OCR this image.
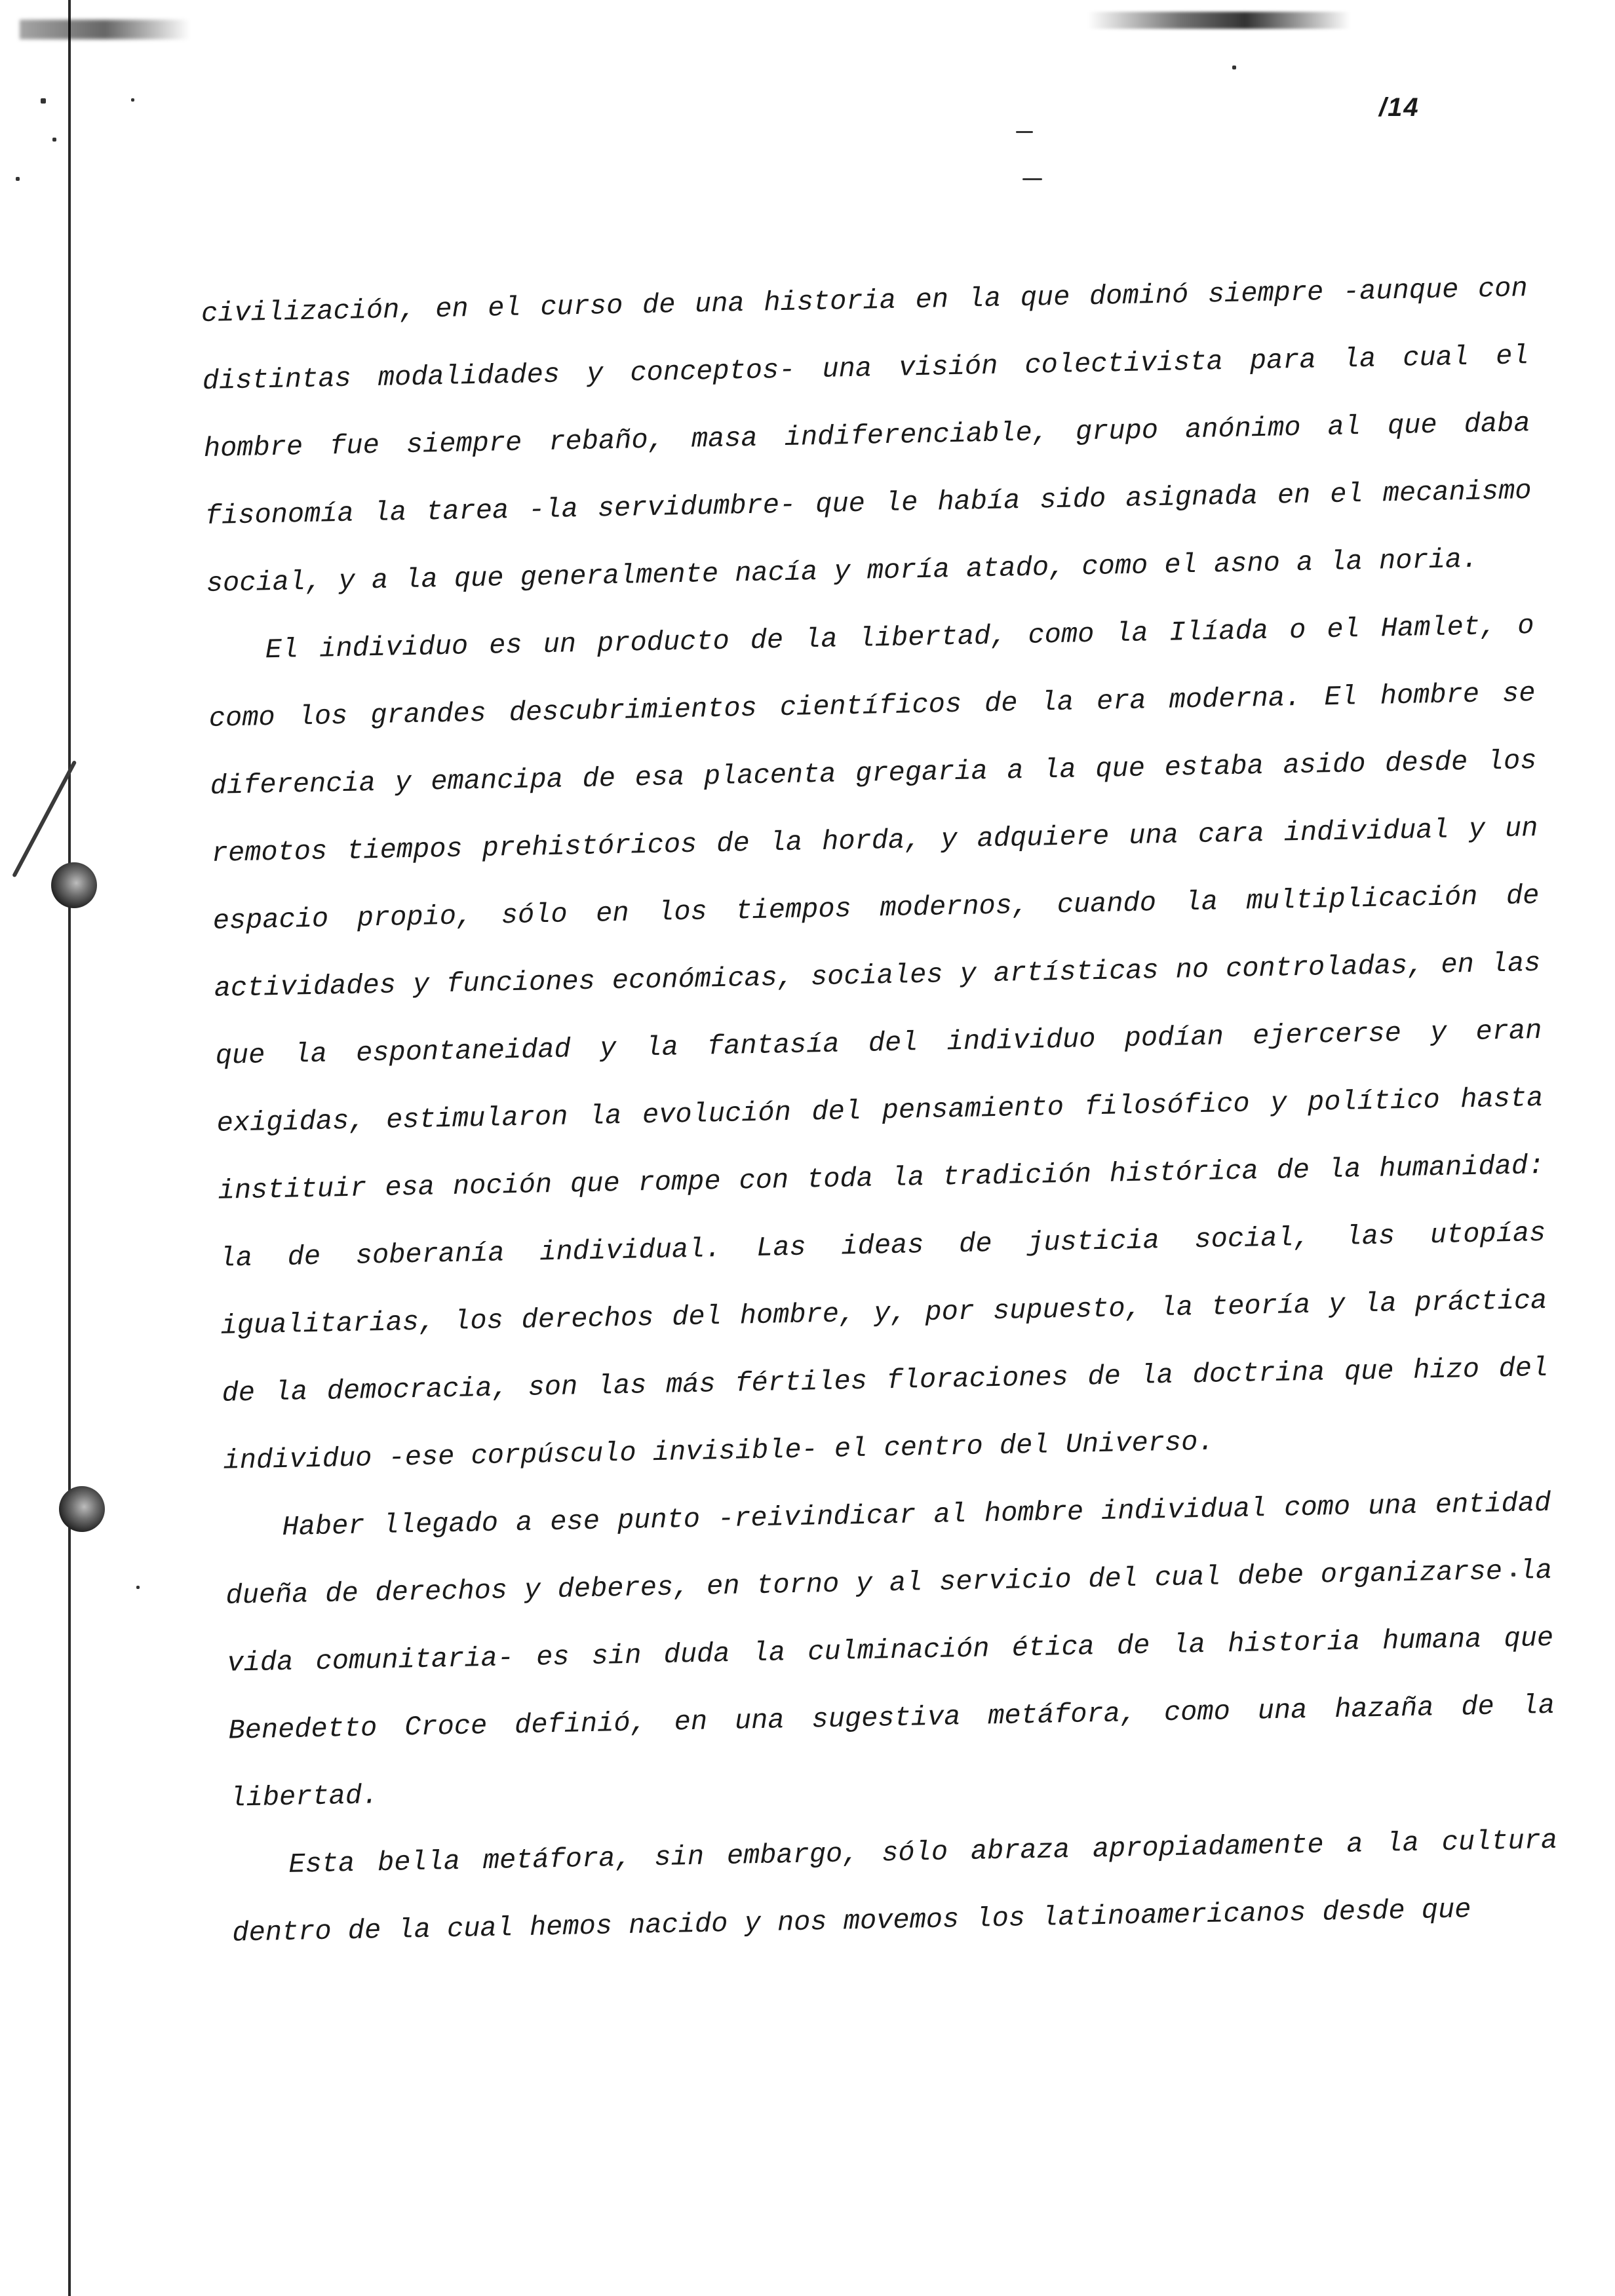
/14

civilización, en el curso de una historia en la que dominó siempre -aunque con distintas modalidades y conceptos- una visión colectivista para la cual el hombre fue siempre rebaño, masa indiferenciable, grupo anónimo al que daba fisonomía la tarea -la servidumbre- que le había sido asignada en el mecanismo social, y a la que generalmente nacía y moría atado, como el asno a la noria.

El individuo es un producto de la libertad, como la Ilíada o el Hamlet, o como los grandes descubrimientos científicos de la era moderna. El hombre se diferencia y emancipa de esa placenta gregaria a la que estaba asido desde los remotos tiempos prehistóricos de la horda, y adquiere una cara individual y un espacio propio, sólo en los tiempos modernos, cuando la multiplicación de actividades y funciones económicas, sociales y artísticas no controladas, en las que la espontaneidad y la fantasía del individuo podían ejercerse y eran exigidas, estimularon la evolución del pensamiento filosófico y político hasta instituir esa noción que rompe con toda la tradición histórica de la humanidad: la de soberanía individual. Las ideas de justicia social, las utopías igualitarias, los derechos del hombre, y, por supuesto, la teoría y la práctica de la democracia, son las más fértiles floraciones de la doctrina que hizo del individuo -ese corpúsculo invisible- el centro del Universo.

Haber llegado a ese punto -reivindicar al hombre individual como una entidad dueña de derechos y deberes, en torno y al servicio del cual debe organizarse la vida comunitaria- es sin duda la culminación ética de la historia humana que Benedetto Croce definió, en una sugestiva metáfora, como una hazaña de la libertad.

Esta bella metáfora, sin embargo, sólo abraza apropiadamente a la cultura dentro de la cual hemos nacido y nos movemos los latinoamericanos desde que
